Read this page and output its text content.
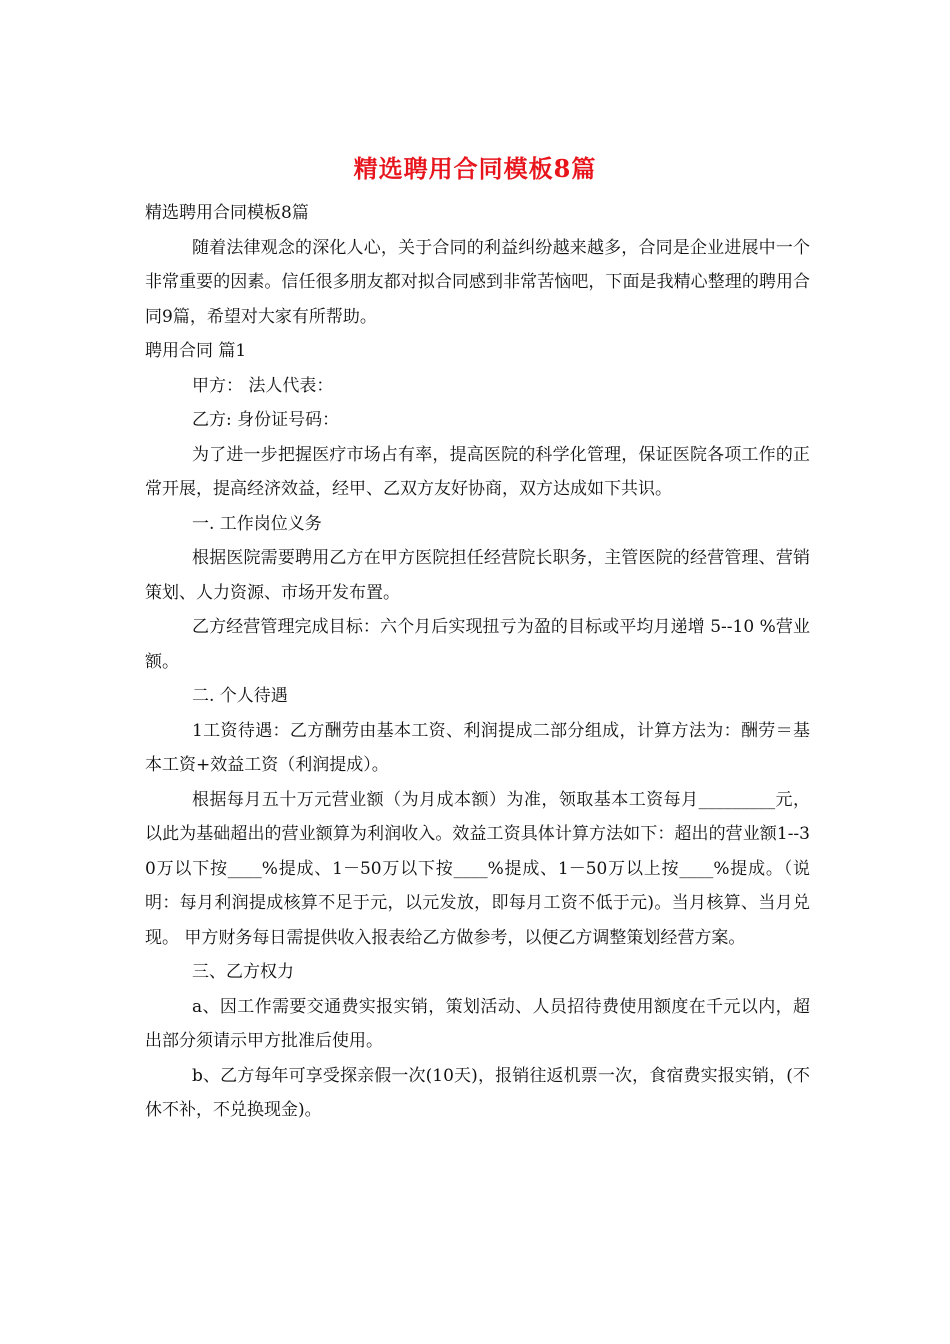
精选聘用合同模板8篇

精选聘用合同模板8篇

随着法律观念的深化人心，关于合同的利益纠纷越来越多，合同是企业进展中一个非常重要的因素。信任很多朋友都对拟合同感到非常苦恼吧，下面是我精心整理的聘用合同9篇，希望对大家有所帮助。

聘用合同 篇1

甲方： 法人代表：

乙方: 身份证号码：

为了进一步把握医疗市场占有率，提高医院的科学化管理，保证医院各项工作的正常开展，提高经济效益，经甲、乙双方友好协商，双方达成如下共识。

一. 工作岗位义务

根据医院需要聘用乙方在甲方医院担任经营院长职务，主管医院的经营管理、营销策划、人力资源、市场开发布置。

乙方经营管理完成目标：六个月后实现扭亏为盈的目标或平均月递增 5--10 %营业额。

二. 个人待遇

1工资待遇：乙方酬劳由基本工资、利润提成二部分组成，计算方法为：酬劳＝基本工资+效益工资（利润提成）。

根据每月五十万元营业额（为月成本额）为准，领取基本工资每月_________元，以此为基础超出的营业额算为利润收入。效益工资具体计算方法如下：超出的营业额1--30万以下按____%提成、1－50万以下按____%提成、1－50万以上按____%提成。（说明：每月利润提成核算不足于元，以元发放，即每月工资不低于元)。当月核算、当月兑现。 甲方财务每日需提供收入报表给乙方做参考，以便乙方调整策划经营方案。

三、乙方权力

a、因工作需要交通费实报实销，策划活动、人员招待费使用额度在千元以内，超出部分须请示甲方批准后使用。

b、乙方每年可享受探亲假一次(10天)，报销往返机票一次，食宿费实报实销，(不休不补，不兑换现金)。
